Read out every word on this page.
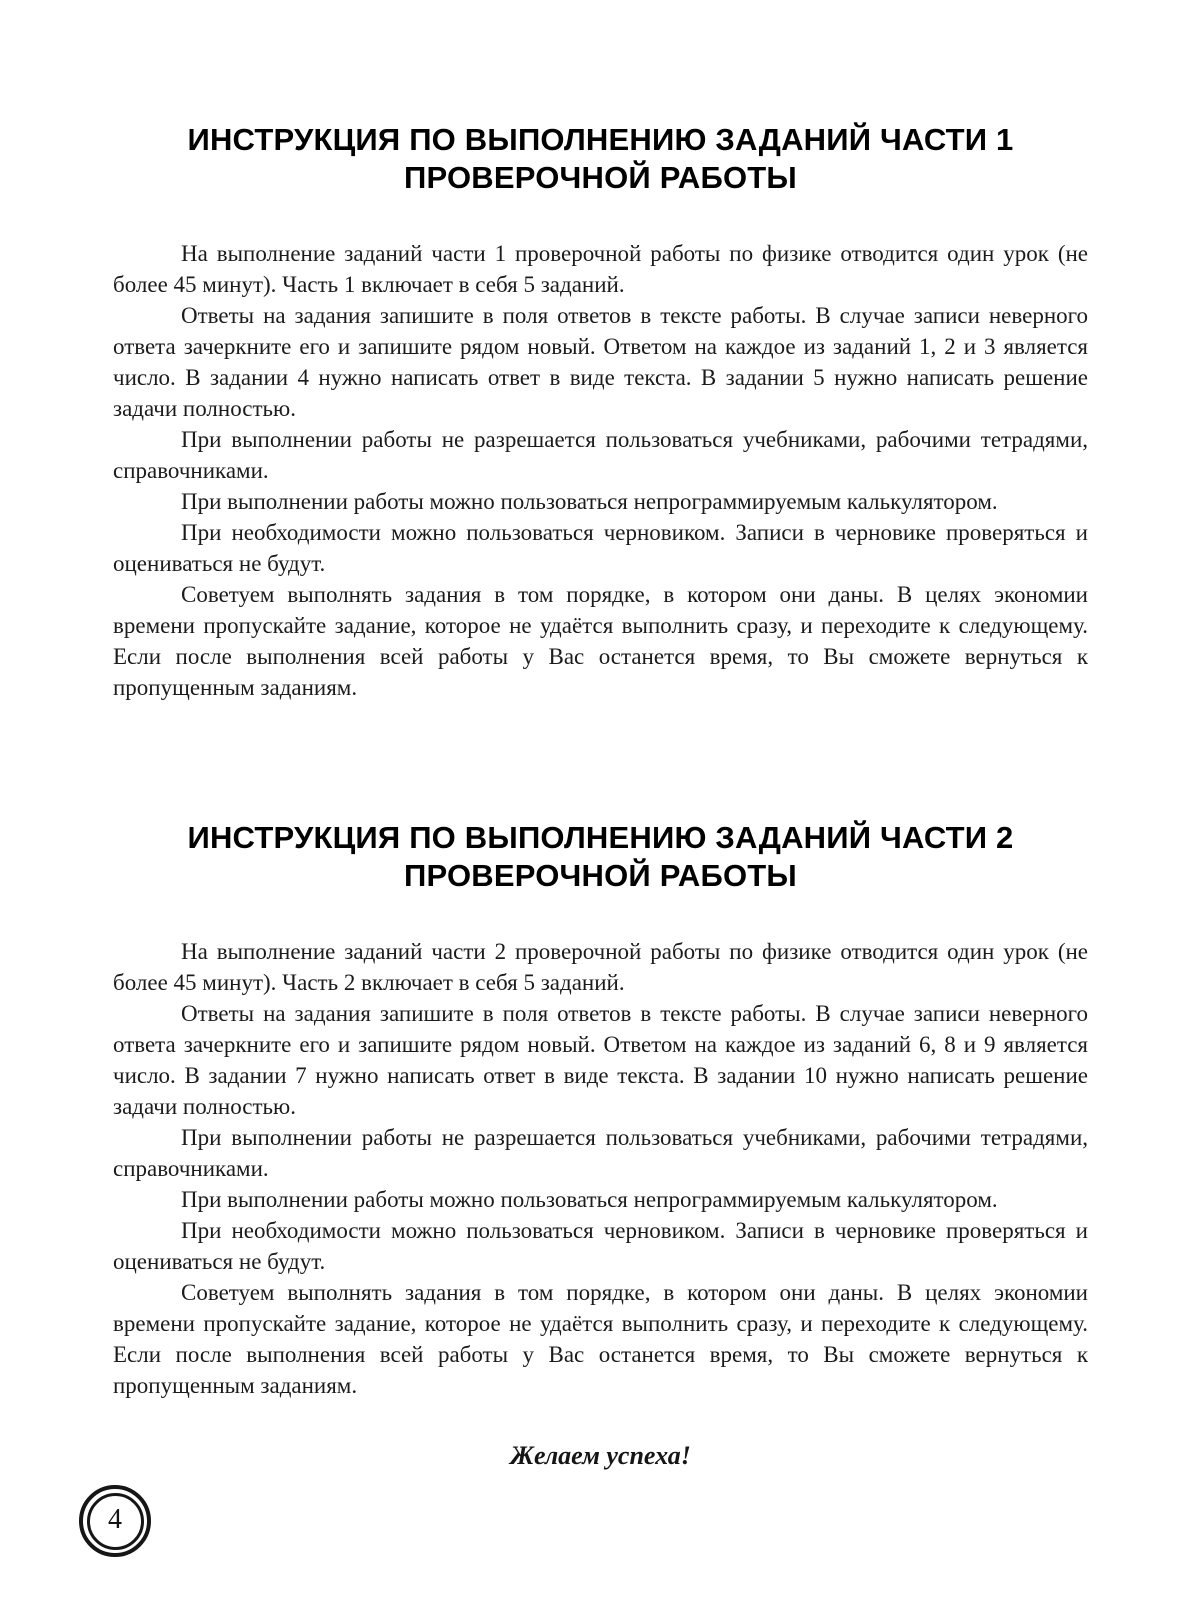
ИНСТРУКЦИЯ ПО ВЫПОЛНЕНИЮ ЗАДАНИЙ ЧАСТИ 1
ПРОВЕРОЧНОЙ РАБОТЫ

На выполнение заданий части 1 проверочной работы по физике отводится один урок (не более 45 минут). Часть 1 включает в себя 5 заданий.

Ответы на задания запишите в поля ответов в тексте работы. В случае записи неверного ответа зачеркните его и запишите рядом новый. Ответом на каждое из заданий 1, 2 и 3 является число. В задании 4 нужно написать ответ в виде текста. В задании 5 нужно написать решение задачи полностью.

При выполнении работы не разрешается пользоваться учебниками, рабочими тетрадями, справочниками.

При выполнении работы можно пользоваться непрограммируемым калькулятором.

При необходимости можно пользоваться черновиком. Записи в черновике проверяться и оцениваться не будут.

Советуем выполнять задания в том порядке, в котором они даны. В целях экономии времени пропускайте задание, которое не удаётся выполнить сразу, и переходите к следующему. Если после выполнения всей работы у Вас останется время, то Вы сможете вернуться к пропущенным заданиям.

ИНСТРУКЦИЯ ПО ВЫПОЛНЕНИЮ ЗАДАНИЙ ЧАСТИ 2
ПРОВЕРОЧНОЙ РАБОТЫ

На выполнение заданий части 2 проверочной работы по физике отводится один урок (не более 45 минут). Часть 2 включает в себя 5 заданий.

Ответы на задания запишите в поля ответов в тексте работы. В случае записи неверного ответа зачеркните его и запишите рядом новый. Ответом на каждое из заданий 6, 8 и 9 является число. В задании 7 нужно написать ответ в виде текста. В задании 10 нужно написать решение задачи полностью.

При выполнении работы не разрешается пользоваться учебниками, рабочими тетрадями, справочниками.

При выполнении работы можно пользоваться непрограммируемым калькулятором.

При необходимости можно пользоваться черновиком. Записи в черновике проверяться и оцениваться не будут.

Советуем выполнять задания в том порядке, в котором они даны. В целях экономии времени пропускайте задание, которое не удаётся выполнить сразу, и переходите к следующему. Если после выполнения всей работы у Вас останется время, то Вы сможете вернуться к пропущенным заданиям.

Желаем успеха!

4
